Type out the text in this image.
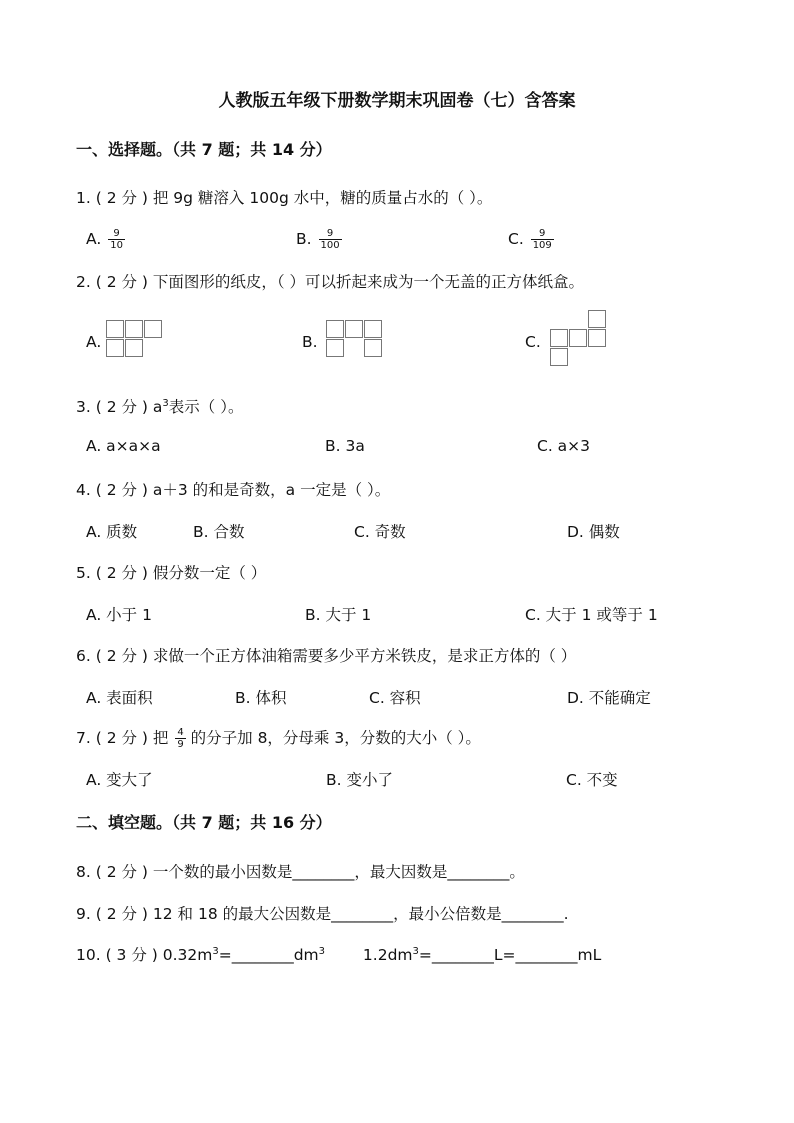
人教版五年级下册数学期末巩固卷（七）含答案
一、选择题。（共 7 题；共 14 分）
1. ( 2 分 ) 把 9g 糖溶入 100g 水中，糖的质量占水的（ ）。
A. $\frac{9}{10}$	B. $\frac{9}{100}$	C. $\frac{9}{109}$
2. ( 2 分 ) 下面图形的纸皮，（ ）可以折起来成为一个无盖的正方体纸盒。
A.	B.	C.
3. ( 2 分 ) $a^3$表示（ ）。
A. a×a×a	B. 3a	C. a×3
4. ( 2 分 ) a＋3 的和是奇数，a 一定是（ ）。
A. 质数	B. 合数	C. 奇数	D. 偶数
5. ( 2 分 ) 假分数一定（ ）
A. 小于 1	B. 大于 1	C. 大于 1 或等于 1
6. ( 2 分 ) 求做一个正方体油箱需要多少平方米铁皮，是求正方体的（ ）
A. 表面积	B. 体积	C. 容积	D. 不能确定
7. ( 2 分 ) 把 $\frac{4}{9}$ 的分子加 8，分母乘 3，分数的大小（ ）。
A. 变大了	B. 变小了	C. 不变
二、填空题。（共 7 题；共 16 分）
8. ( 2 分 ) 一个数的最小因数是________，最大因数是________。
9. ( 2 分 ) 12 和 18 的最大公因数是________，最小公倍数是________.
10. ( 3 分 ) $0.32m^3=\_\_\_\_\_\_\_\_dm^3$ $1.2dm^3=\_\_\_\_\_\_\_\_L=\_\_\_\_\_\_\_\_mL$
